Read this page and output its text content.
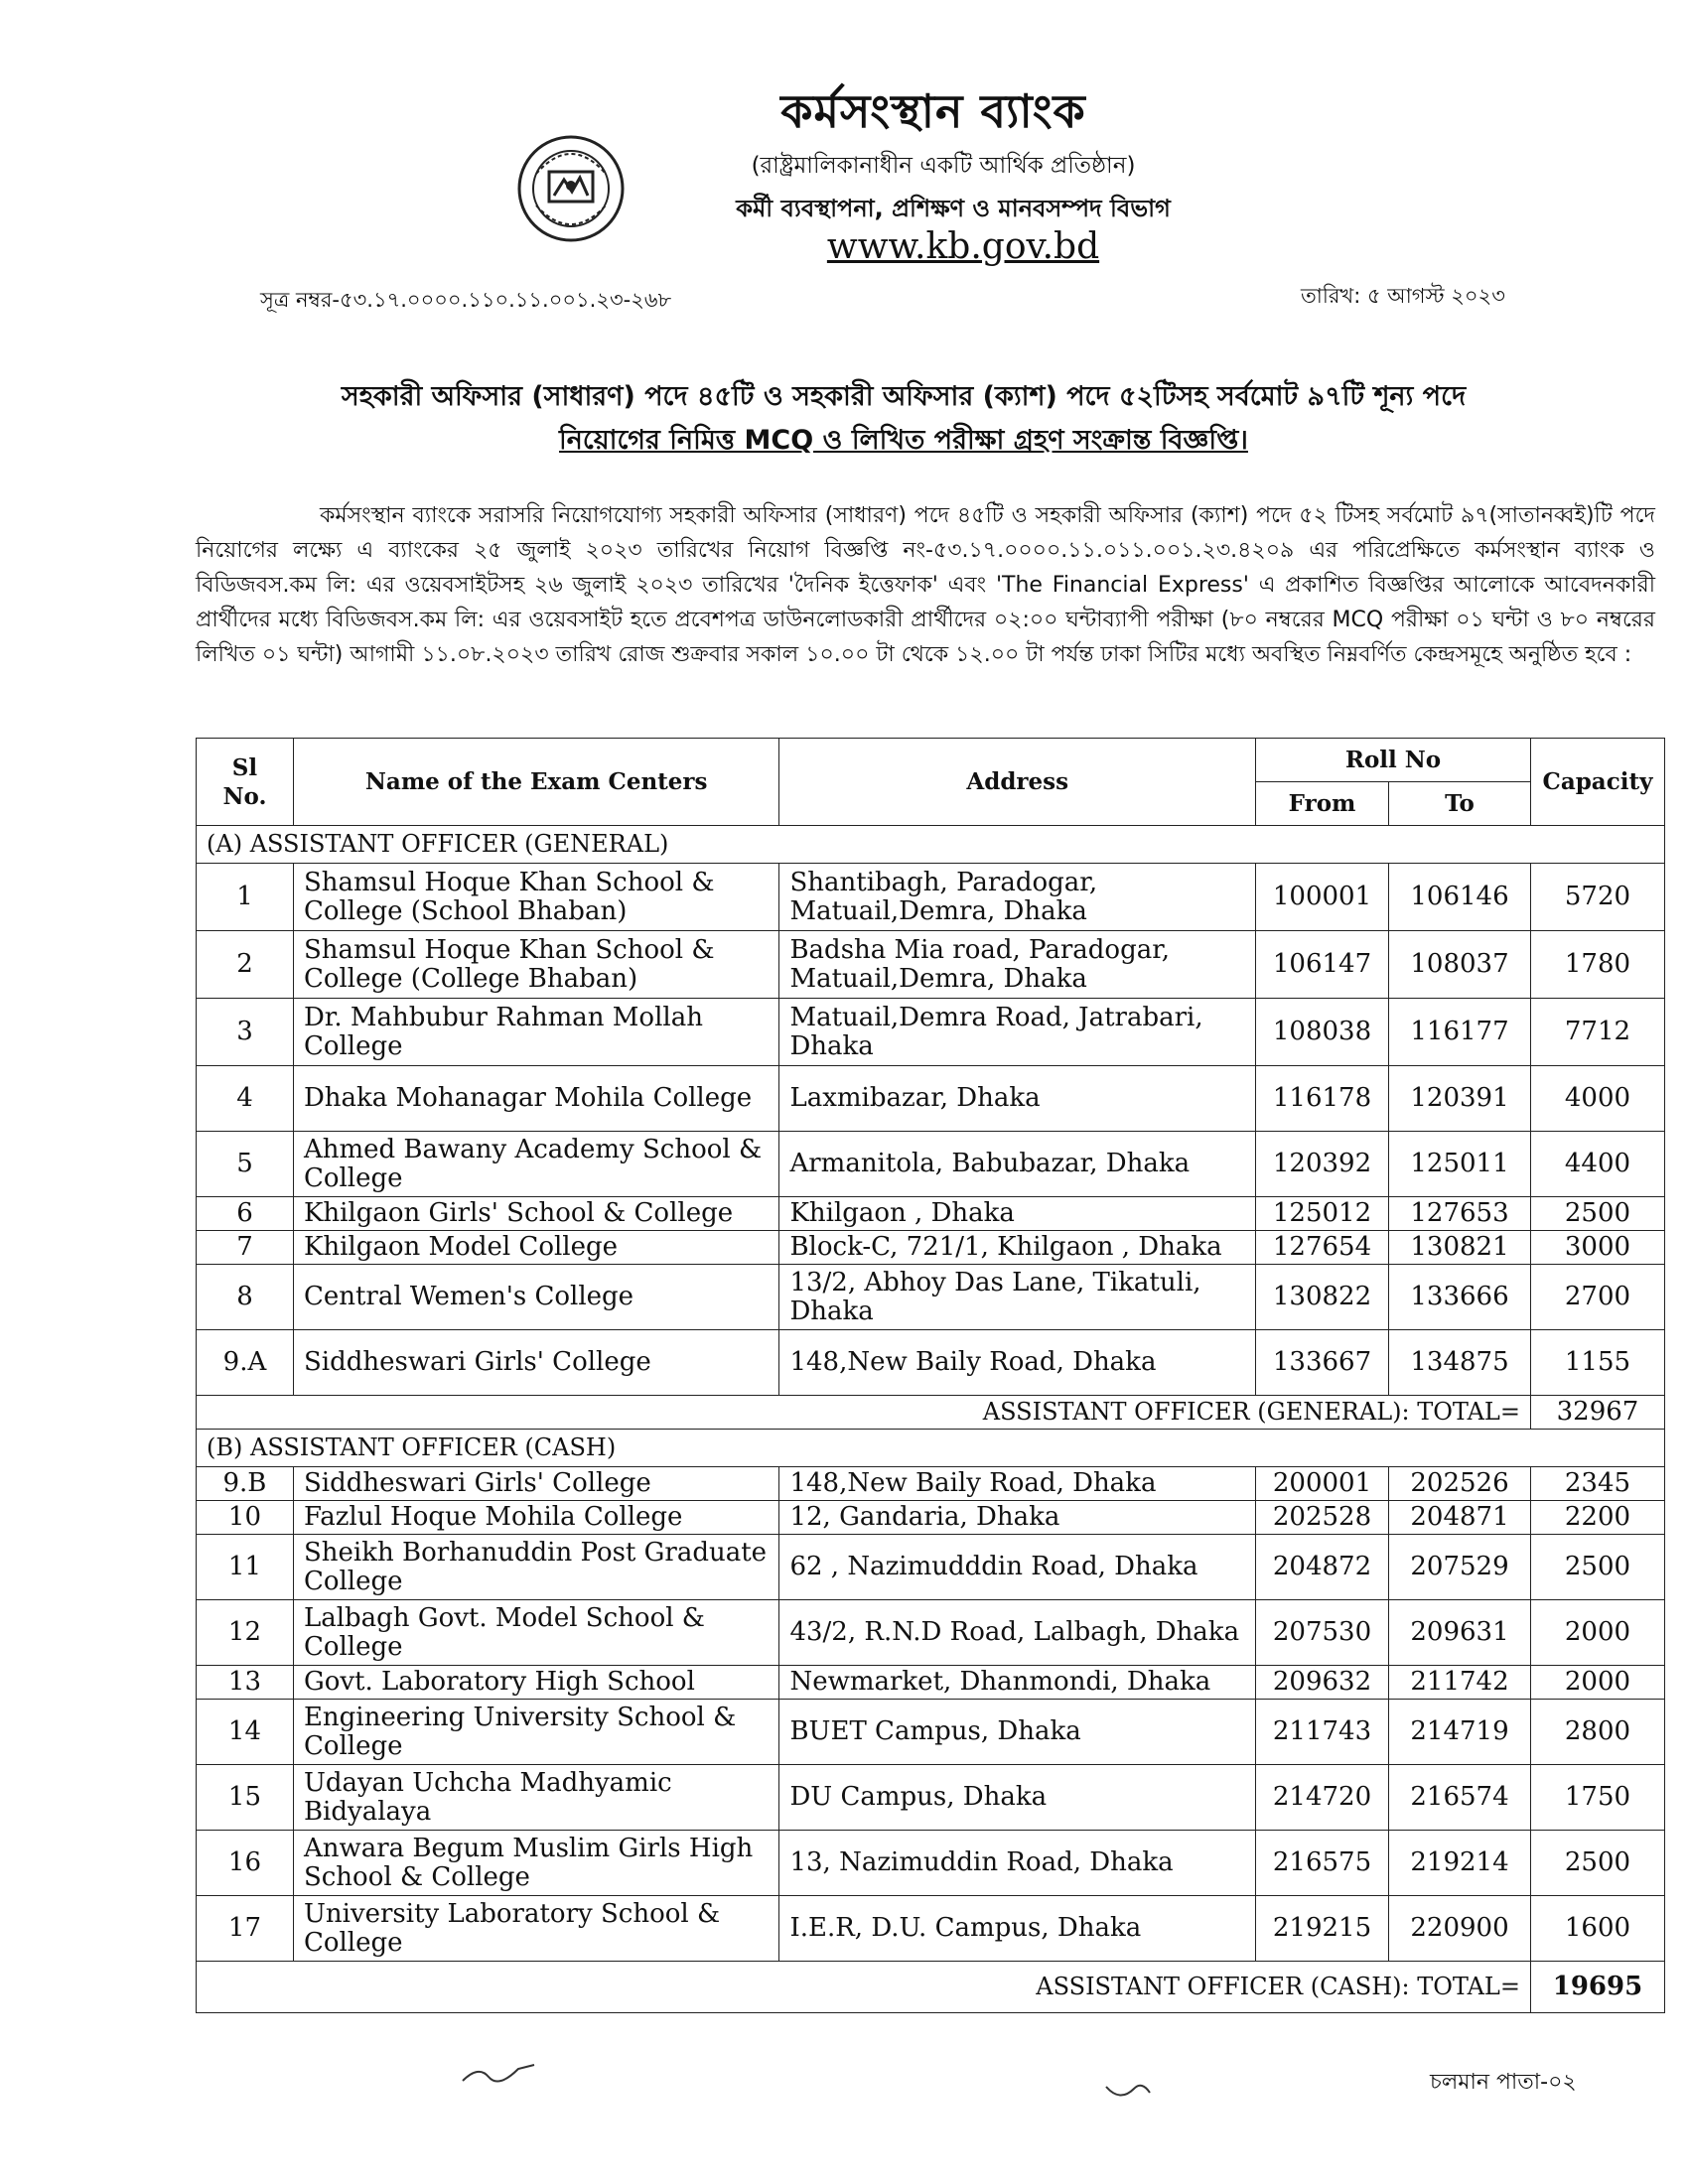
কর্মসংস্থান ব্যাংক
(রাষ্ট্রমালিকানাধীন একটি আর্থিক প্রতিষ্ঠান)
কর্মী ব্যবস্থাপনা, প্রশিক্ষণ ও মানবসম্পদ বিভাগ
www.kb.gov.bd
সূত্র নম্বর-৫৩.১৭.০০০০.১১০.১১.০০১.২৩-২৬৮	তারিখ: ৫ আগস্ট ২০২৩
সহকারী অফিসার (সাধারণ) পদে ৪৫টি ও সহকারী অফিসার (ক্যাশ) পদে ৫২টিসহ সর্বমোট ৯৭টি শূন্য পদে
নিয়োগের নিমিত্ত MCQ ও লিখিত পরীক্ষা গ্রহণ সংক্রান্ত বিজ্ঞপ্তি।
কর্মসংস্থান ব্যাংকে সরাসরি নিয়োগযোগ্য সহকারী অফিসার (সাধারণ) পদে ৪৫টি ও সহকারী অফিসার (ক্যাশ) পদে ৫২ টিসহ সর্বমোট ৯৭(সাতানব্বই)টি পদে নিয়োগের লক্ষ্যে এ ব্যাংকের ২৫ জুলাই ২০২৩ তারিখের নিয়োগ বিজ্ঞপ্তি নং-৫৩.১৭.০০০০.১১.০১১.০০১.২৩.৪২০৯ এর পরিপ্রেক্ষিতে কর্মসংস্থান ব্যাংক ও বিডিজবস.কম লি: এর ওয়েবসাইটসহ ২৬ জুলাই ২০২৩ তারিখের 'দৈনিক ইত্তেফাক' এবং 'The Financial Express' এ প্রকাশিত বিজ্ঞপ্তির আলোকে আবেদনকারী প্রার্থীদের মধ্যে বিডিজবস.কম লি: এর ওয়েবসাইট হতে প্রবেশপত্র ডাউনলোডকারী প্রার্থীদের ০২:০০ ঘন্টাব্যাপী পরীক্ষা (৮০ নম্বরের MCQ পরীক্ষা ০১ ঘন্টা ও ৮০ নম্বরের লিখিত ০১ ঘন্টা) আগামী ১১.০৮.২০২৩ তারিখ রোজ শুক্রবার সকাল ১০.০০ টা থেকে ১২.০০ টা পর্যন্ত ঢাকা সিটির মধ্যে অবস্থিত নিম্নবর্ণিত কেন্দ্রসমূহে অনুষ্ঠিত হবে :
Sl No.	Name of the Exam Centers	Address	Roll No		Capacity
			From	To	
(A) ASSISTANT OFFICER (GENERAL)					
1	Shamsul Hoque Khan School & College (School Bhaban)	Shantibagh, Paradogar, Matuail,Demra, Dhaka	100001	106146	5720
2	Shamsul Hoque Khan School & College (College Bhaban)	Badsha Mia road, Paradogar, Matuail,Demra, Dhaka	106147	108037	1780
3	Dr. Mahbubur Rahman Mollah College	Matuail,Demra Road, Jatrabari, Dhaka	108038	116177	7712
4	Dhaka Mohanagar Mohila College	Laxmibazar, Dhaka	116178	120391	4000
5	Ahmed Bawany Academy School & College	Armanitola, Babubazar, Dhaka	120392	125011	4400
6	Khilgaon Girls' School & College	Khilgaon , Dhaka	125012	127653	2500
7	Khilgaon Model College	Block-C, 721/1, Khilgaon , Dhaka	127654	130821	3000
8	Central Wemen's College	13/2, Abhoy Das Lane, Tikatuli, Dhaka	130822	133666	2700
9.A	Siddheswari Girls' College	148,New Baily Road, Dhaka	133667	134875	1155
ASSISTANT OFFICER (GENERAL): TOTAL=					32967
(B) ASSISTANT OFFICER (CASH)					
9.B	Siddheswari Girls' College	148,New Baily Road, Dhaka	200001	202526	2345
10	Fazlul Hoque Mohila College	12, Gandaria, Dhaka	202528	204871	2200
11	Sheikh Borhanuddin Post Graduate College	62 , Nazimudddin Road, Dhaka	204872	207529	2500
12	Lalbagh Govt. Model School & College	43/2, R.N.D Road, Lalbagh, Dhaka	207530	209631	2000
13	Govt. Laboratory High School	Newmarket, Dhanmondi, Dhaka	209632	211742	2000
14	Engineering University School & College	BUET Campus, Dhaka	211743	214719	2800
15	Udayan Uchcha Madhyamic Bidyalaya	DU Campus, Dhaka	214720	216574	1750
16	Anwara Begum Muslim Girls High School & College	13, Nazimuddin Road, Dhaka	216575	219214	2500
17	University Laboratory School & College	I.E.R, D.U. Campus, Dhaka	219215	220900	1600
ASSISTANT OFFICER (CASH): TOTAL=					19695
চলমান পাতা-০২
